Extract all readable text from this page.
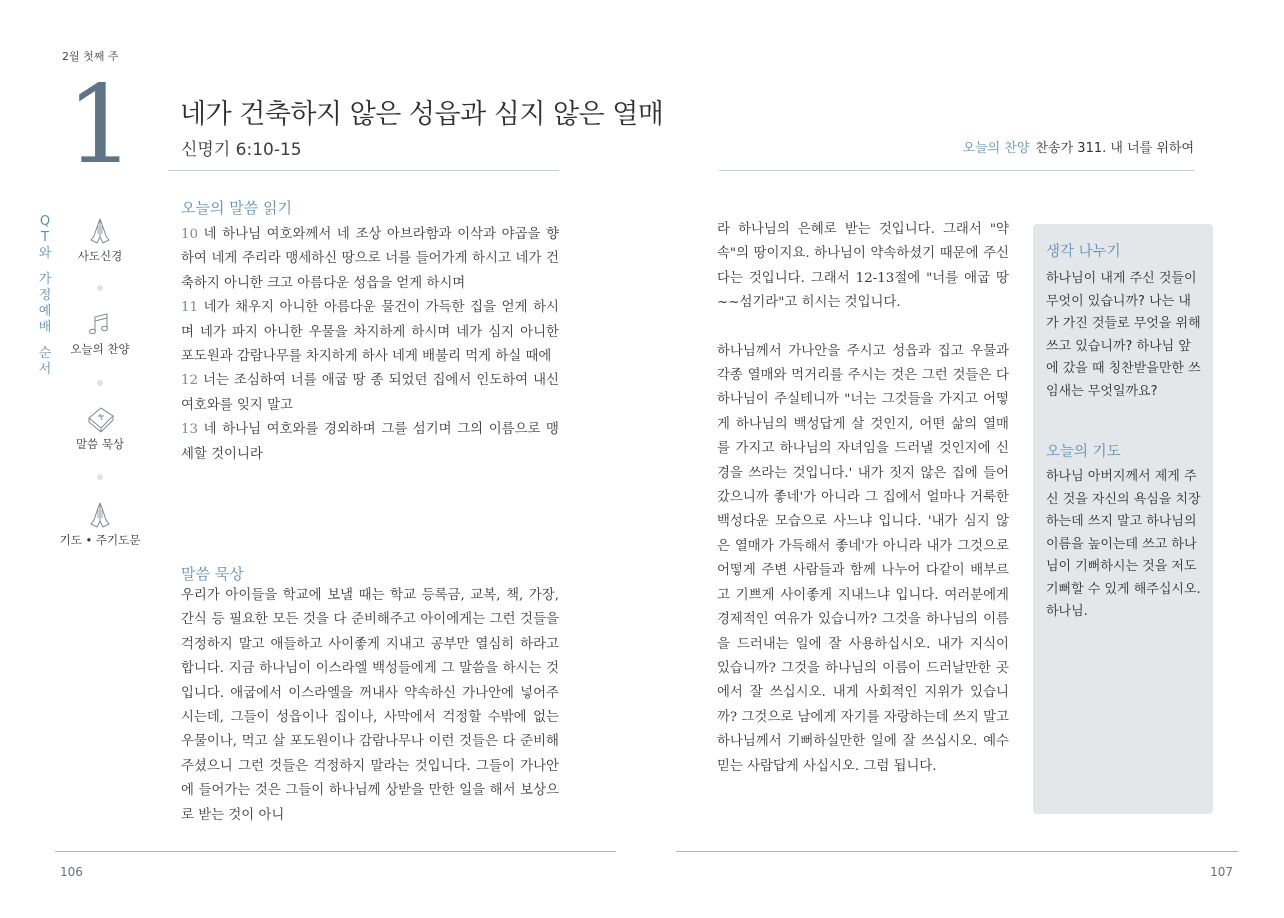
2월 첫째 주
1 네가 건축하지 않은 성읍과 심지 않은 열매
신명기 6:10-15	오늘의 찬양 찬송가 311. 내 너를 위하여
Q
T
와
가
정
예
배
순
서
사도신경
오늘의 찬양
말씀 묵상
기도 • 주기도문
오늘의 말씀 읽기
10 네 하나님 여호와께서 네 조상 아브라함과 이삭과 야곱을 향하여 네게 주리라 맹세하신 땅으로 너를 들어가게 하시고 네가 건축하지 아니한 크고 아름다운 성읍을 얻게 하시며
11 네가 채우지 아니한 아름다운 물건이 가득한 집을 얻게 하시며 네가 파지 아니한 우물을 차지하게 하시며 네가 심지 아니한 포도원과 감람나무를 차지하게 하사 네게 배불리 먹게 하실 때에
12 너는 조심하여 너를 애굽 땅 종 되었던 집에서 인도하여 내신 여호와를 잊지 말고
13 네 하나님 여호와를 경외하며 그를 섬기며 그의 이름으로 맹세할 것이니라
말씀 묵상
우리가 아이들을 학교에 보낼 때는 학교 등록금, 교복, 책, 가장, 간식 등 필요한 모든 것을 다 준비해주고 아이에게는 그런 것들을 걱정하지 말고 애들하고 사이좋게 지내고 공부만 열심히 하라고 합니다. 지금 하나님이 이스라엘 백성들에게 그 말씀을 하시는 것입니다. 애굽에서 이스라엘을 꺼내사 약속하신 가나안에 넣어주시는데, 그들이 성읍이나 집이나, 사막에서 걱정할 수밖에 없는 우물이나, 먹고 살 포도원이나 감람나무나 이런 것들은 다 준비해 주셨으니 그런 것들은 걱정하지 말라는 것입니다. 그들이 가나안에 들어가는 것은 그들이 하나님께 상받을 만한 일을 해서 보상으로 받는 것이 아니

라 하나님의 은혜로 받는 것입니다. 그래서 "약속"의 땅이지요. 하나님이 약속하셨기 때문에 주신다는 것입니다. 그래서 12-13절에 "너를 애굽 땅~~섬기라"고 히시는 것입니다.

하나님께서 가나안을 주시고 성읍과 집고 우물과 각종 열매와 먹거리를 주시는 것은 그런 것들은 다 하나님이 주실테니까 "너는 그것들을 가지고 어떻게 하나님의 백성답게 살 것인지, 어떤 삶의 열매를 가지고 하나님의 자녀임을 드러낼 것인지에 신경을 쓰라는 것입니다.' 내가 짓지 않은 집에 들어갔으니까 좋네'가 아니라 그 집에서 얼마나 거룩한 백성다운 모습으로 사느냐 입니다. '내가 심지 않은 열매가 가득해서 좋네'가 아니라 내가 그것으로 어떻게 주변 사람들과 함께 나누어 다같이 배부르고 기쁘게 사이좋게 지내느냐 입니다. 여러분에게 경제적인 여유가 있습니까? 그것을 하나님의 이름을 드러내는 일에 잘 사용하십시오. 내가 지식이 있습니까? 그것을 하나님의 이름이 드러날만한 곳에서 잘 쓰십시오. 내게 사회적인 지위가 있습니까? 그것으로 남에게 자기를 자랑하는데 쓰지 말고 하나님께서 기뻐하실만한 일에 잘 쓰십시오. 예수 믿는 사람답게 사십시오. 그럼 됩니다.

생각 나누기

하나님이 내게 주신 것들이 무엇이 있습니까? 나는 내가 가진 것들로 무엇을 위해 쓰고 있습니까? 하나님 앞에 갔을 때 칭찬받을만한 쓰임새는 무엇일까요?

오늘의 기도

하나님 아버지께서 제게 주신 것을 자신의 욕심을 치장하는데 쓰지 말고 하나님의 이름을 높이는데 쓰고 하나님이 기뻐하시는 것을 저도 기뻐할 수 있게 해주십시오. 하나님.

106	107
